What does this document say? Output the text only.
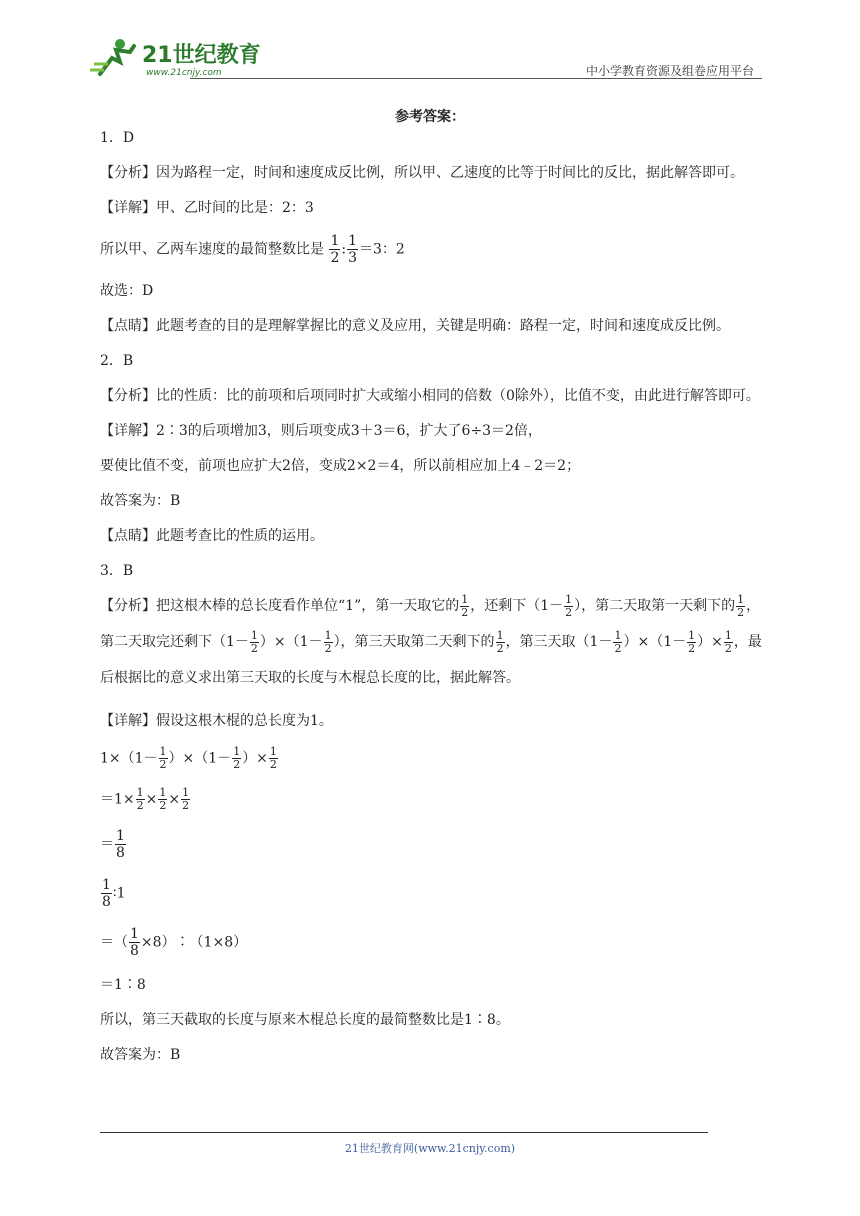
21世纪教育
www.21cnjy.com	中小学教育资源及组卷应用平台
参考答案：
1．D
【分析】因为路程一定，时间和速度成反比例，所以甲、乙速度的比等于时间比的反比，据此解答即可。
【详解】甲、乙时间的比是：2：3
所以甲、乙两车速度的最简整数比是 $\frac{1}{2}$ : $\frac{1}{3} =3$：2
故选：D
【点睛】此题考查的目的是理解掌握比的意义及应用，关键是明确：路程一定，时间和速度成反比例。
2．B
【分析】比的性质：比的前项和后项同时扩大或缩小相同的倍数（0除外），比值不变，由此进行解答即可。
【详解】2∶3的后项增加3，则后项变成3＋3＝6，扩大了6÷3＝2倍，
要使比值不变，前项也应扩大2倍，变成2×2＝4，所以前相应加上4﹣2＝2；
故答案为：B
【点睛】此题考查比的性质的运用。
3．B
【分析】把这根木棒的总长度看作单位“1”，第一天取它的 $\frac{1}{2}$ ，还剩下（$1- \frac{1}{2}$ ），第二天取第一天剩下的 $\frac{1}{2}$ ，第二天取完还剩下$(1- \frac{1}{2} )\times(1- \frac{1}{2}$ ），第三天取第二天剩下的 $\frac{1}{2}$ ，第三天取$(1- \frac{1}{2} )\times(1- \frac{1}{2}$ ）× $\frac{1}{2}$ ，最后根据比的意义求出第三天取的长度与木棍总长度的比，据此解答。
【详解】假设这根木棍的总长度为1。
$1\times(1- \frac{1}{2} )\times(1- \frac{1}{2}$ ）× $\frac{1}{2}$
$=1\times \frac{1}{2} \times \frac{1}{2} \times \frac{1}{2}$
＝ $\frac{1}{8}$
$\frac{1}{8}$ ∶1
＝（ $\frac{1}{8}$ ×8）∶（1×8）
＝1∶8
所以，第三天截取的长度与原来木棍总长度的最简整数比是1∶8。
故答案为：B
21世纪教育网(www.21cnjy.com)
